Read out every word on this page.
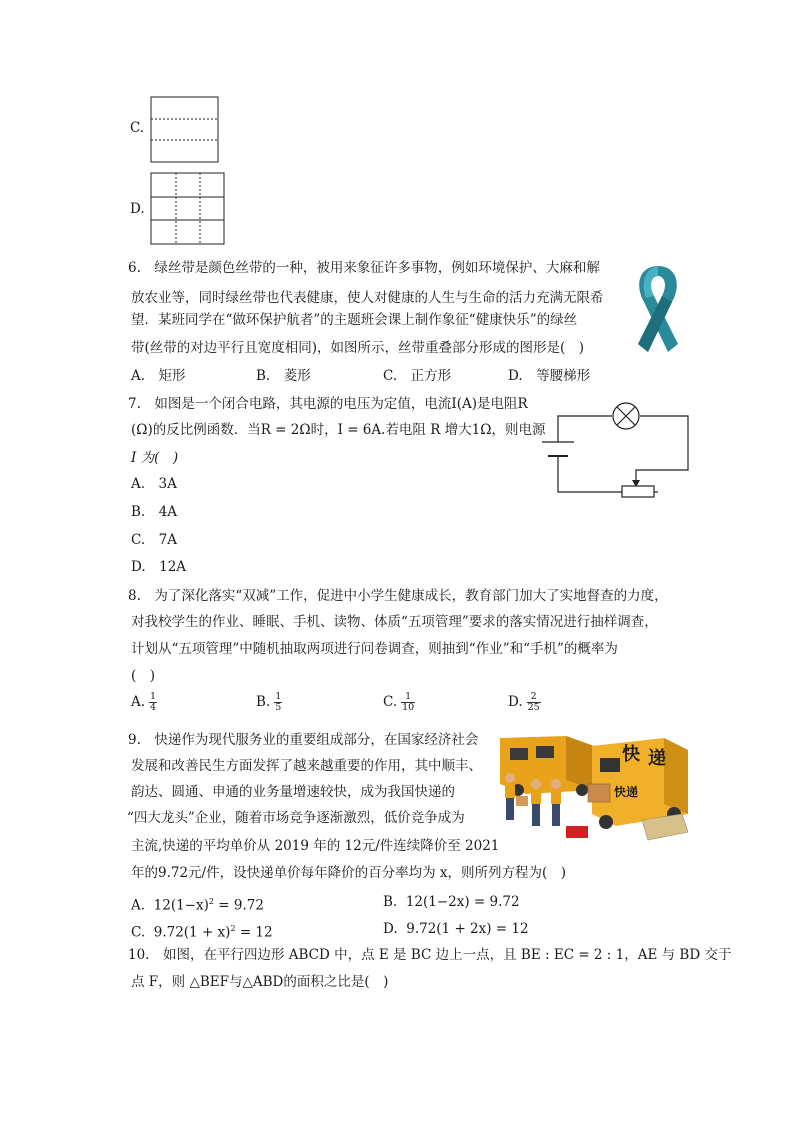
C.
D.
6.　绿丝带是颜色丝带的一种，被用来象征许多事物，例如环境保护、大麻和解
放农业等，同时绿丝带也代表健康，使人对健康的人生与生命的活力充满无限希
望．某班同学在“做环保护航者”的主题班会课上制作象征“健康快乐”的绿丝
带(丝带的对边平行且宽度相同)，如图所示，丝带重叠部分形成的图形是(　)
A.　矩形	B.　菱形	C.　正方形	D.　等腰梯形
7.　如图是一个闭合电路，其电源的电压为定值，电流I(A)是电阻R
(Ω)的反比例函数．当R = 2Ω时，I = 6A.若电阻 R 增大1Ω，则电源
I 为(　)
A.　3A
B.　4A
C.　7A
D.　12A
8.　为了深化落实“双减”工作，促进中小学生健康成长，教育部门加大了实地督查的力度，
对我校学生的作业、睡眠、手机、读物、体质“五项管理”要求的落实情况进行抽样调查，
计划从“五项管理”中随机抽取两项进行问卷调查，则抽到“作业”和“手机”的概率为
(　)
A. $\frac{1}{4}$	B. $\frac{1}{5}$	C. $\frac{1}{10}$	D. $\frac{2}{25}$
9.　快递作为现代服务业的重要组成部分，在国家经济社会
发展和改善民生方面发挥了越来越重要的作用，其中顺丰、
韵达、圆通、申通的业务量增速较快，成为我国快递的
“四大龙头”企业，随着市场竞争逐渐激烈，低价竞争成为
主流,快递的平均单价从 2019 年的 12元/件连续降价至 2021
年的9.72元/件，设快递单价每年降价的百分率均为 x，则所列方程为(　)
A. $12(1-x)^2 = 9.72$	B. 12(1−2x) = 9.72
C. $9.72(1 + x)^2 = 12$	D. 9.72(1 + 2x) = 12
快 递
快递
10.　如图，在平行四边形 ABCD 中，点 E 是 BC 边上一点，且 BE : EC = 2 : 1，AE 与 BD 交于
点 F，则 △BEF与△ABD的面积之比是(　)
